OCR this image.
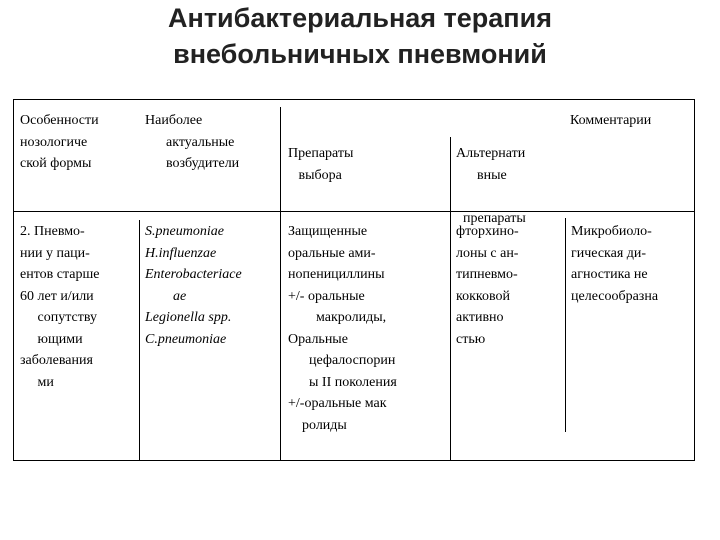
Антибактериальная терапия
внебольничных пневмоний
Особенности
нозологиче
ской формы
Наиболее
актуальные
возбудители
Препараты
выбора
Альтернати
вные

препараты
Комментарии
2. Пневмо-
нии у паци-
ентов старше
60 лет и/или
сопутству
ющими
заболевания
ми
S.pneumoniae
H.influenzae
Enterobacteriace
ae
Legionella spp.
C.pneumoniae
Защищенные
оральные ами-
нопенициллины
+/- оральные
макролиды,
Оральные
цефалоспорин
ы II поколения
+/-оральные мак
ролиды
фторхино-
лоны с ан-
типневмо-
кокковой
активно
стью
Микробиоло-
гическая ди-
агностика не
целесообразна
